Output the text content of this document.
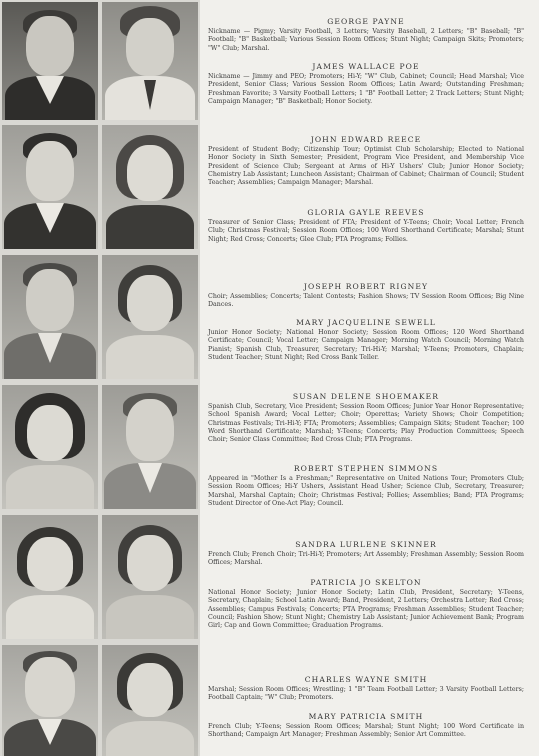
GEORGE PAYNE

Nickname — Pigmy; Varsity Football, 3 Letters; Varsity Baseball, 2 Letters; "B" Baseball; "B" Football; "B" Basketball; Various Session Room Offices; Stunt Night; Campaign Skits; Promoters; "W" Club; Marshal.

JAMES WALLACE POE

Nickname — Jimmy and PEO; Promoters; Hi-Y; "W" Club, Cabinet; Council; Head Marshal; Vice President, Senior Class; Various Session Room Offices; Latin Award; Outstanding Freshman; Freshman Favorite; 3 Varsity Football Letters; 1 "B" Football Letter; 2 Track Letters; Stunt Night; Campaign Manager; "B" Basketball; Honor Society.

JOHN EDWARD REECE

President of Student Body; Citizenship Tour; Optimist Club Scholarship; Elected to National Honor Society in Sixth Semester; President, Program Vice President, and Membership Vice President of Science Club; Sergeant at Arms of Hi-Y Ushers' Club; Junior Honor Society; Chemistry Lab Assistant; Luncheon Assistant; Chairman of Cabinet; Chairman of Council; Student Teacher; Assemblies; Campaign Manager; Marshal.

GLORIA GAYLE REEVES

Treasurer of Senior Class; President of FTA; President of Y-Teens; Choir; Vocal Letter; French Club; Christmas Festival; Session Room Offices; 100 Word Shorthand Certificate; Marshal; Stunt Night; Red Cross; Concerts; Glee Club; PTA Programs; Follies.

JOSEPH ROBERT RIGNEY

Choir; Assemblies; Concerts; Talent Contests; Fashion Shows; TV Session Room Offices; Big Nine Dances.

MARY JACQUELINE SEWELL

Junior Honor Society; National Honor Society; Session Room Offices; 120 Word Shorthand Certificate; Council; Vocal Letter; Campaign Manager; Morning Watch Council; Morning Watch Pianist; Spanish Club, Treasurer, Secretary; Tri-Hi-Y; Marshal; Y-Teens; Promoters, Chaplain; Student Teacher; Stunt Night; Red Cross Bank Teller.

SUSAN DELENE SHOEMAKER

Spanish Club, Secretary, Vice President; Session Room Offices; Junior Year Honor Representative; School Spanish Award; Vocal Letter; Choir; Operettas; Variety Shows; Choir Competition; Christmas Festivals; Tri-Hi-Y; FTA; Promoters; Assemblies; Campaign Skits; Student Teacher; 100 Word Shorthand Certificate; Marshal; Y-Teens; Concerts; Play Production Committees; Speech Choir; Senior Class Committee; Red Cross Club; PTA Programs.

ROBERT STEPHEN SIMMONS

Appeared in "Mother Is a Freshman;" Representative on United Nations Tour; Promoters Club; Session Room Offices; Hi-Y Ushers, Assistant Head Usher; Science Club, Secretary, Treasurer; Marshal, Marshal Captain; Choir; Christmas Festival; Follies; Assemblies; Band; PTA Programs; Student Director of One-Act Play; Council.

SANDRA LURLENE SKINNER

French Club; French Choir; Tri-Hi-Y; Promoters; Art Assembly; Freshman Assembly; Session Room Offices; Marshal.

PATRICIA JO SKELTON

National Honor Society; Junior Honor Society; Latin Club, President, Secretary; Y-Teens, Secretary, Chaplain; School Latin Award; Band, President, 2 Letters; Orchestra Letter; Red Cross; Assemblies; Campus Festivals; Concerts; PTA Programs; Freshman Assemblies; Student Teacher; Council; Fashion Show; Stunt Night; Chemistry Lab Assistant; Junior Achievement Bank; Program Girl; Cap and Gown Committee; Graduation Programs.

CHARLES WAYNE SMITH

Marshal; Session Room Offices; Wrestling; 1 "B" Team Football Letter; 3 Varsity Football Letters; Football Captain; "W" Club; Promoters.

MARY PATRICIA SMITH

French Club; Y-Teens; Session Room Offices; Marshal; Stunt Night; 100 Word Certificate in Shorthand; Campaign Art Manager; Freshman Assembly; Senior Art Committee.
